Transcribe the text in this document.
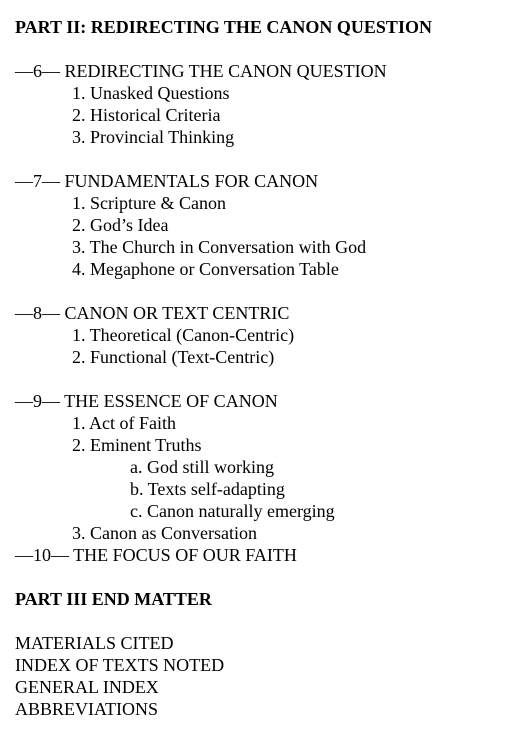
PART II: REDIRECTING THE CANON QUESTION
—6— REDIRECTING THE CANON QUESTION
1. Unasked Questions
2. Historical Criteria
3. Provincial Thinking
—7— FUNDAMENTALS FOR CANON
1. Scripture & Canon
2. God’s Idea
3. The Church in Conversation with God
4. Megaphone or Conversation Table
—8— CANON OR TEXT CENTRIC
1. Theoretical (Canon-Centric)
2. Functional (Text-Centric)
—9— THE ESSENCE OF CANON
1. Act of Faith
2. Eminent Truths
a. God still working
b. Texts self-adapting
c. Canon naturally emerging
3. Canon as Conversation
—10— THE FOCUS OF OUR FAITH
PART III END MATTER
MATERIALS CITED
INDEX OF TEXTS NOTED
GENERAL INDEX
ABBREVIATIONS
